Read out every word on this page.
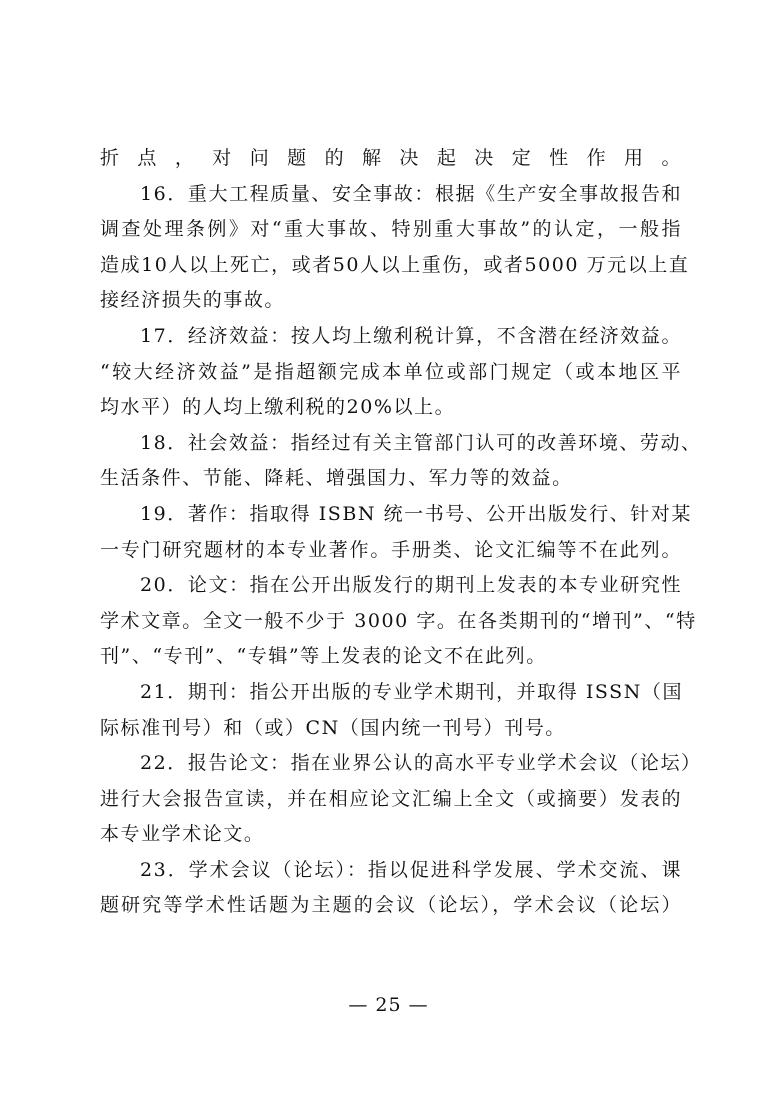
折点，对问题的解决起决定性作用。
16．重大工程质量、安全事故：根据《生产安全事故报告和
调查处理条例》对“重大事故、特别重大事故”的认定，一般指
造成10人以上死亡，或者50人以上重伤，或者5000 万元以上直
接经济损失的事故。
17．经济效益：按人均上缴利税计算，不含潜在经济效益。
“较大经济效益”是指超额完成本单位或部门规定（或本地区平
均水平）的人均上缴利税的20%以上。
18．社会效益：指经过有关主管部门认可的改善环境、劳动、
生活条件、节能、降耗、增强国力、军力等的效益。
19．著作：指取得 ISBN 统一书号、公开出版发行、针对某
一专门研究题材的本专业著作。手册类、论文汇编等不在此列。
20．论文：指在公开出版发行的期刊上发表的本专业研究性
学术文章。全文一般不少于 3000 字。在各类期刊的“增刊”、“特
刊”、“专刊”、“专辑”等上发表的论文不在此列。
21．期刊：指公开出版的专业学术期刊，并取得 ISSN（国
际标准刊号）和（或）CN（国内统一刊号）刊号。
22．报告论文：指在业界公认的高水平专业学术会议（论坛）
进行大会报告宣读，并在相应论文汇编上全文（或摘要）发表的
本专业学术论文。
23．学术会议（论坛）：指以促进科学发展、学术交流、课
题研究等学术性话题为主题的会议（论坛），学术会议（论坛）
— 25 —
